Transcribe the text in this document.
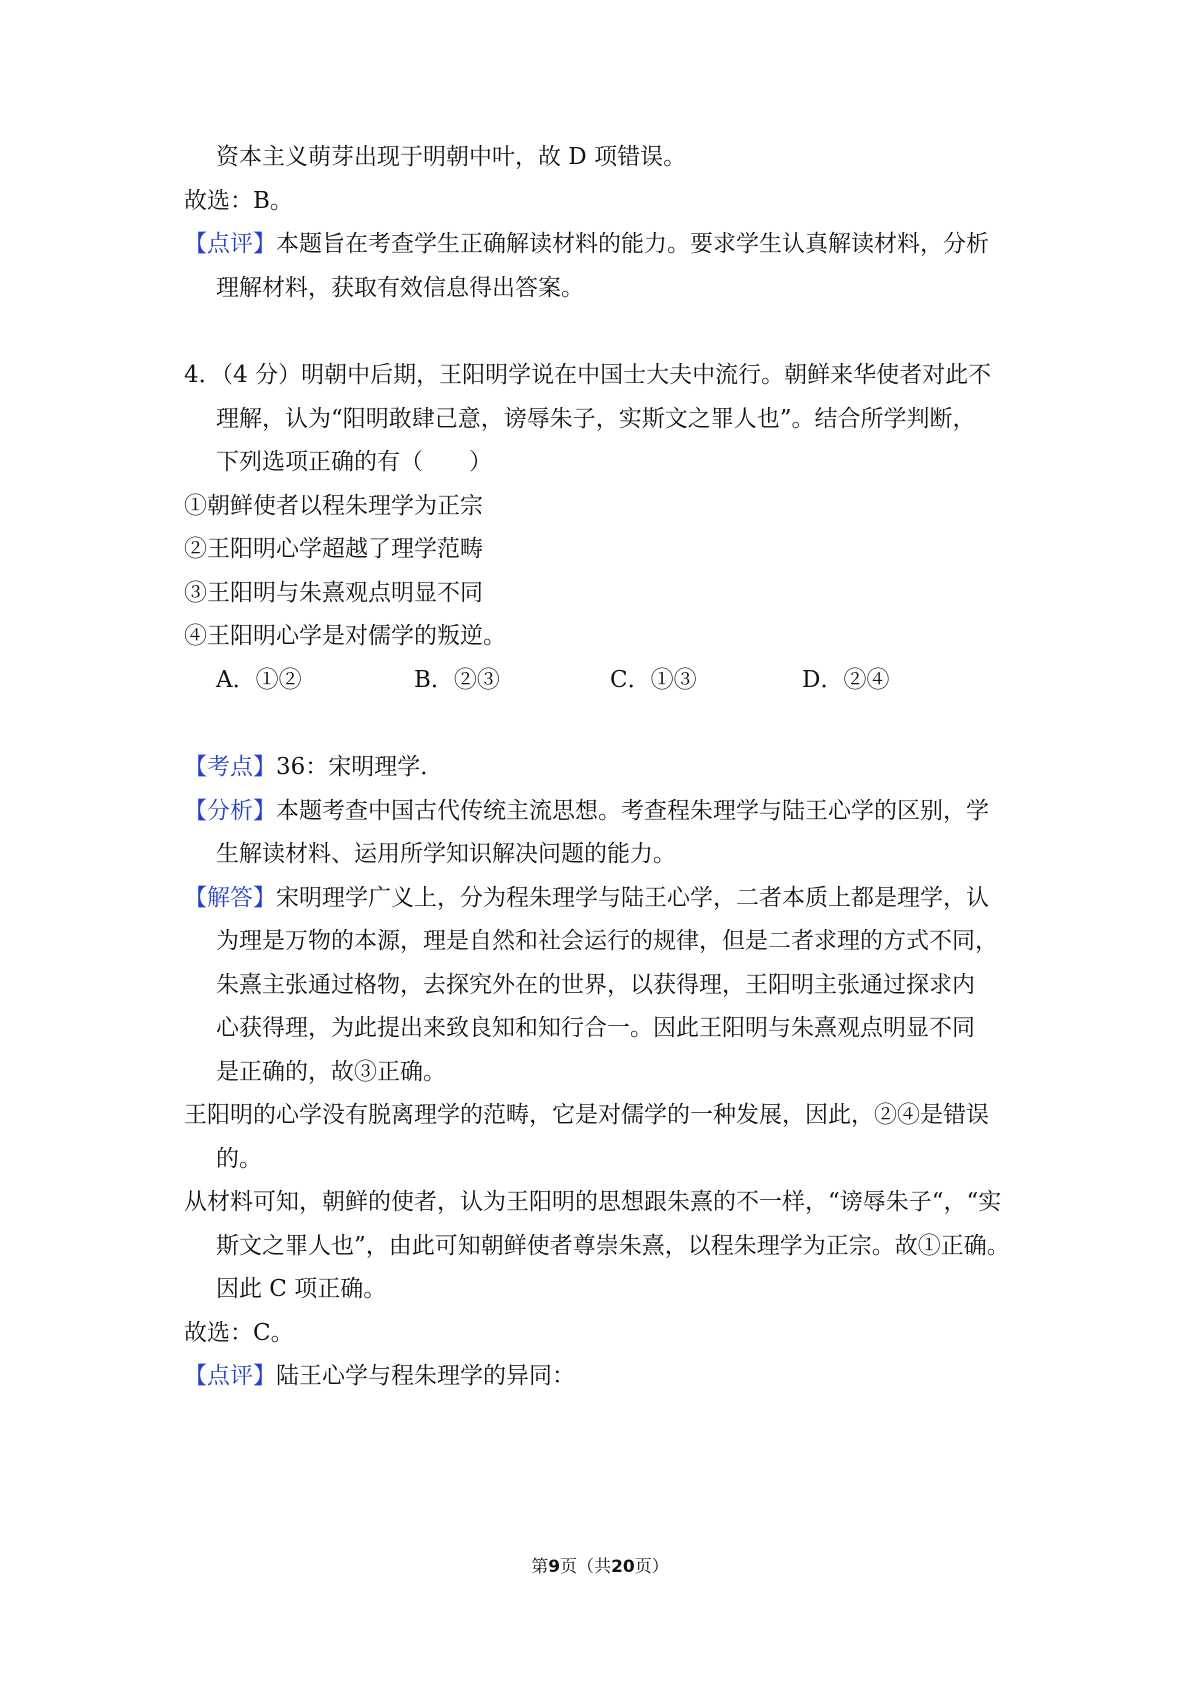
资本主义萌芽出现于明朝中叶，故 D 项错误。
故选：B。
【点评】本题旨在考查学生正确解读材料的能力。要求学生认真解读材料，分析
理解材料，获取有效信息得出答案。
4．（4 分）明朝中后期，王阳明学说在中国士大夫中流行。朝鲜来华使者对此不
理解，认为“阳明敢肆己意，谤辱朱子，实斯文之罪人也”。结合所学判断，
下列选项正确的有（　　）
①朝鲜使者以程朱理学为正宗
②王阳明心学超越了理学范畴
③王阳明与朱熹观点明显不同
④王阳明心学是对儒学的叛逆。
A．①②	B．②③	C．①③	D．②④
【考点】36：宋明理学．
【分析】本题考查中国古代传统主流思想。考查程朱理学与陆王心学的区别，学
生解读材料、运用所学知识解决问题的能力。
【解答】宋明理学广义上，分为程朱理学与陆王心学，二者本质上都是理学，认
为理是万物的本源，理是自然和社会运行的规律，但是二者求理的方式不同，
朱熹主张通过格物，去探究外在的世界，以获得理，王阳明主张通过探求内
心获得理，为此提出来致良知和知行合一。因此王阳明与朱熹观点明显不同
是正确的，故③正确。
王阳明的心学没有脱离理学的范畴，它是对儒学的一种发展，因此，②④是错误
的。
从材料可知，朝鲜的使者，认为王阳明的思想跟朱熹的不一样，“谤辱朱子“，“实
斯文之罪人也”，由此可知朝鲜使者尊崇朱熹，以程朱理学为正宗。故①正确。
因此 C 项正确。
故选：C。
【点评】陆王心学与程朱理学的异同：
第9页（共20页）
